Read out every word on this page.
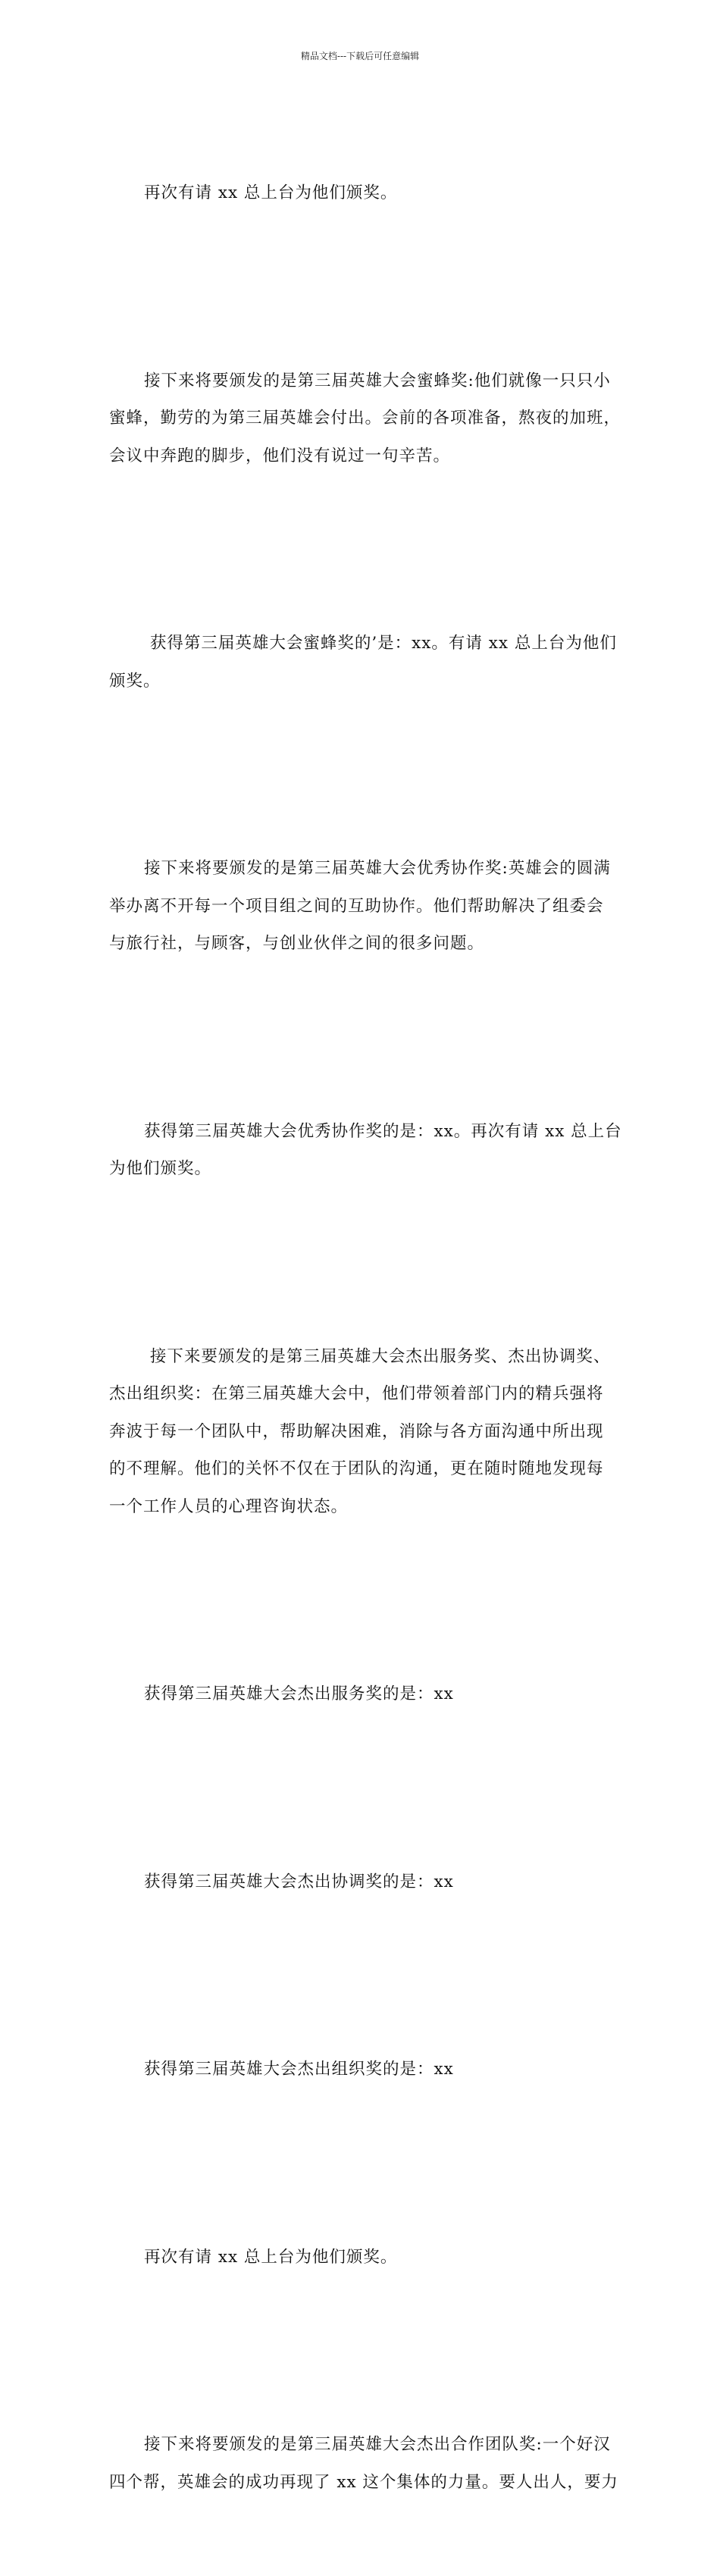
精品文档---下载后可任意编辑

再次有请 xx 总上台为他们颁奖。

接下来将要颁发的是第三届英雄大会蜜蜂奖:他们就像一只只小
蜜蜂，勤劳的为第三届英雄会付出。会前的各项准备，熬夜的加班，
会议中奔跑的脚步，他们没有说过一句辛苦。

获得第三届英雄大会蜜蜂奖的’是：xx。有请 xx 总上台为他们
颁奖。

接下来将要颁发的是第三届英雄大会优秀协作奖:英雄会的圆满
举办离不开每一个项目组之间的互助协作。他们帮助解决了组委会
与旅行社，与顾客，与创业伙伴之间的很多问题。

获得第三届英雄大会优秀协作奖的是：xx。再次有请 xx 总上台
为他们颁奖。

接下来要颁发的是第三届英雄大会杰出服务奖、杰出协调奖、
杰出组织奖：在第三届英雄大会中，他们带领着部门内的精兵强将
奔波于每一个团队中，帮助解决困难，消除与各方面沟通中所出现
的不理解。他们的关怀不仅在于团队的沟通，更在随时随地发现每
一个工作人员的心理咨询状态。

获得第三届英雄大会杰出服务奖的是：xx

获得第三届英雄大会杰出协调奖的是：xx

获得第三届英雄大会杰出组织奖的是：xx

再次有请 xx 总上台为他们颁奖。

接下来将要颁发的是第三届英雄大会杰出合作团队奖:一个好汉
四个帮，英雄会的成功再现了 xx 这个集体的力量。要人出人，要力
